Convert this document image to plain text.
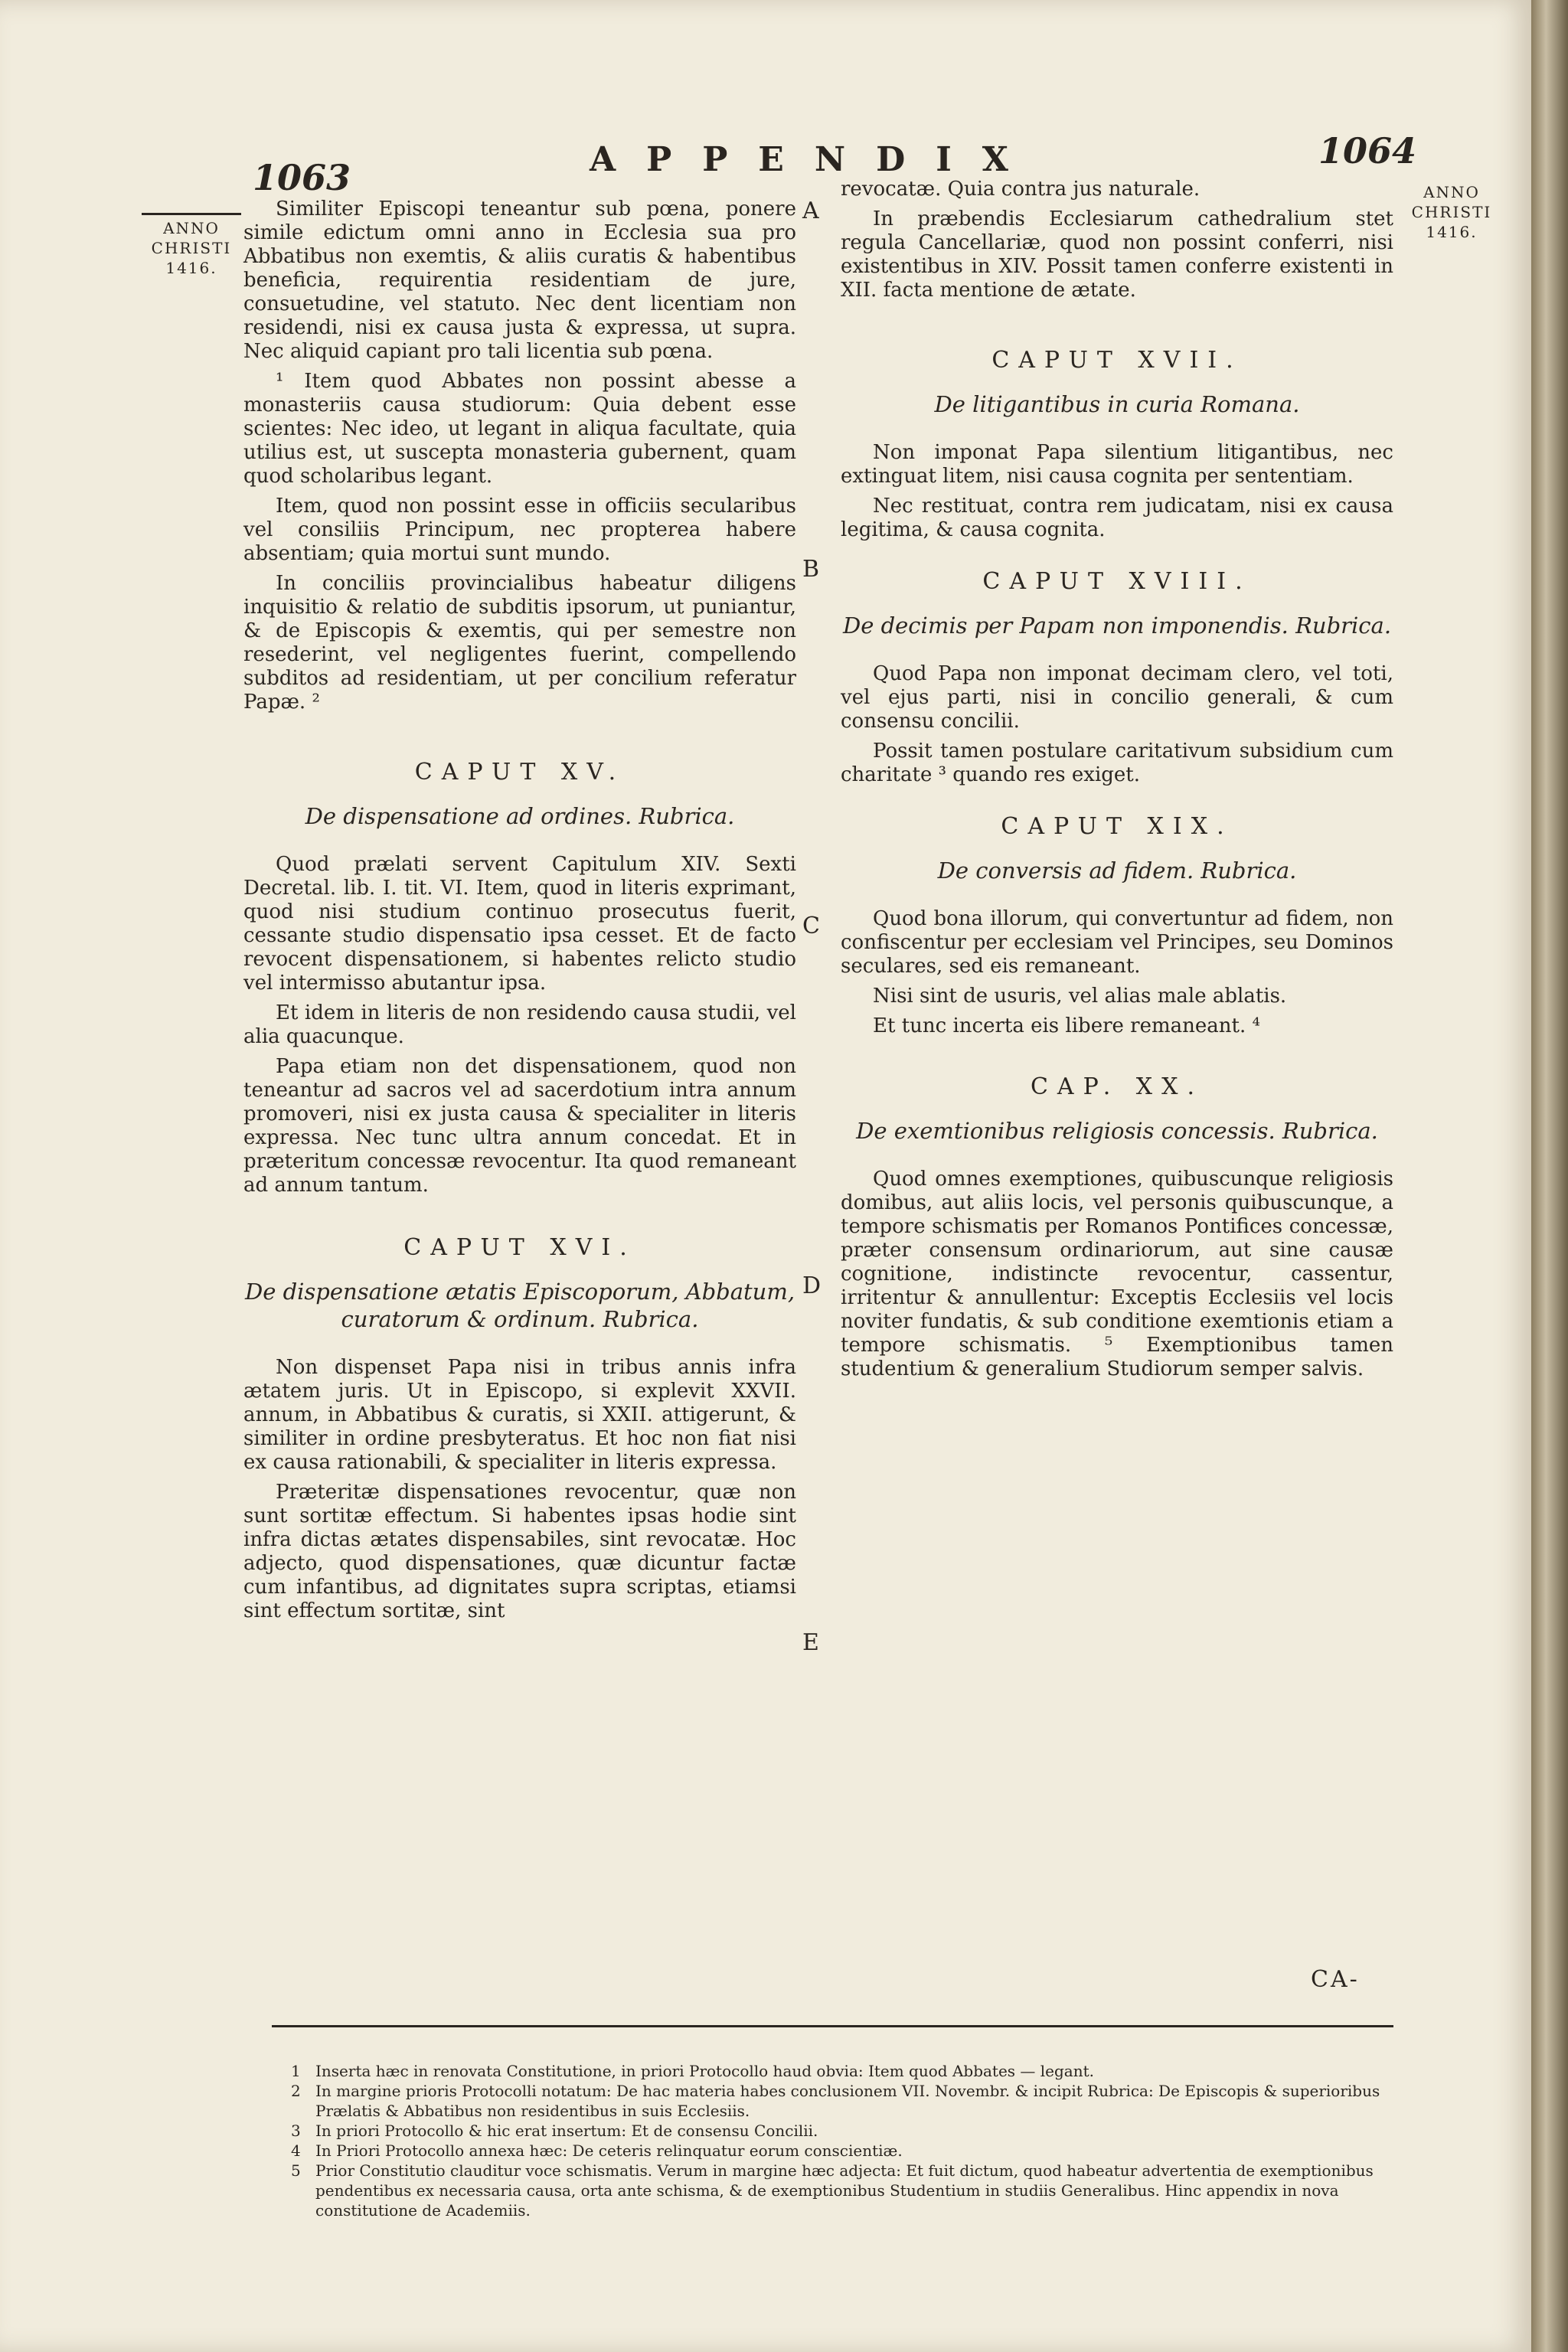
1063	APPENDIX	1064
ANNO
CHRISTI
1416.
ANNO
CHRISTI
1416.
A
B
C
D
E

Similiter Episcopi teneantur sub pœna, ponere simile edictum omni anno in Ecclesia sua pro Abbatibus non exemtis, & aliis curatis & habentibus beneficia, requirentia residentiam de jure, consuetudine, vel statuto. Nec dent licentiam non residendi, nisi ex causa justa & expressa, ut supra. Nec aliquid capiant pro tali licentia sub pœna.

¹ Item quod Abbates non possint abesse a monasteriis causa studiorum: Quia debent esse scientes: Nec ideo, ut legant in aliqua facultate, quia utilius est, ut suscepta monasteria gubernent, quam quod scholaribus legant.

Item, quod non possint esse in officiis secularibus vel consiliis Principum, nec propterea habere absentiam; quia mortui sunt mundo.

In conciliis provincialibus habeatur diligens inquisitio & relatio de subditis ipsorum, ut puniantur, & de Episcopis & exemtis, qui per semestre non resederint, vel negligentes fuerint, compellendo subditos ad residentiam, ut per concilium referatur Papæ. ²

CAPUT XV.
De dispensatione ad ordines. Rubrica.

Quod prælati servent Capitulum XIV. Sexti Decretal. lib. I. tit. VI. Item, quod in literis exprimant, quod nisi studium continuo prosecutus fuerit, cessante studio dispensatio ipsa cesset. Et de facto revocent dispensationem, si habentes relicto studio vel intermisso abutantur ipsa.

Et idem in literis de non residendo causa studii, vel alia quacunque.

Papa etiam non det dispensationem, quod non teneantur ad sacros vel ad sacerdotium intra annum promoveri, nisi ex justa causa & specialiter in literis expressa. Nec tunc ultra annum concedat. Et in præteritum concessæ revocentur. Ita quod remaneant ad annum tantum.

CAPUT XVI.
De dispensatione ætatis Episcoporum, Abbatum, curatorum & ordinum. Rubrica.

Non dispenset Papa nisi in tribus annis infra ætatem juris. Ut in Episcopo, si explevit XXVII. annum, in Abbatibus & curatis, si XXII. attigerunt, & similiter in ordine presbyteratus. Et hoc non fiat nisi ex causa rationabili, & specialiter in literis expressa.

Præteritæ dispensationes revocentur, quæ non sunt sortitæ effectum. Si habentes ipsas hodie sint infra dictas ætates dispensabiles, sint revocatæ. Hoc adjecto, quod dispensationes, quæ dicuntur factæ cum infantibus, ad dignitates supra scriptas, etiamsi sint effectum sortitæ, sint

revocatæ. Quia contra jus naturale.

In præbendis Ecclesiarum cathedralium stet regula Cancellariæ, quod non possint conferri, nisi existentibus in XIV. Possit tamen conferre existenti in XII. facta mentione de ætate.

CAPUT XVII.
De litigantibus in curia Romana.

Non imponat Papa silentium litigantibus, nec extinguat litem, nisi causa cognita per sententiam.

Nec restituat, contra rem judicatam, nisi ex causa legitima, & causa cognita.

CAPUT XVIII.
De decimis per Papam non imponendis. Rubrica.

Quod Papa non imponat decimam clero, vel toti, vel ejus parti, nisi in concilio generali, & cum consensu concilii.

Possit tamen postulare caritativum subsidium cum charitate ³ quando res exiget.

CAPUT XIX.
De conversis ad fidem. Rubrica.

Quod bona illorum, qui convertuntur ad fidem, non confiscentur per ecclesiam vel Principes, seu Dominos seculares, sed eis remaneant.

Nisi sint de usuris, vel alias male ablatis.

Et tunc incerta eis libere remaneant. ⁴

CAP. XX.
De exemtionibus religiosis concessis. Rubrica.

Quod omnes exemptiones, quibuscunque religiosis domibus, aut aliis locis, vel personis quibuscunque, a tempore schismatis per Romanos Pontifices concessæ, præter consensum ordinariorum, aut sine causæ cognitione, indistincte revocentur, cassentur, irritentur & annullentur: Exceptis Ecclesiis vel locis noviter fundatis, & sub conditione exemtionis etiam a tempore schismatis. ⁵ Exemptionibus tamen studentium & generalium Studiorum semper salvis.

CA-
1 Inserta hæc in renovata Constitutione, in priori Protocollo haud obvia: Item quod Abbates — legant.
2 In margine prioris Protocolli notatum: De hac materia habes conclusionem VII. Novembr. & incipit Rubrica: De Episcopis & superioribus Prælatis & Abbatibus non residentibus in suis Ecclesiis.
3 In priori Protocollo & hic erat insertum: Et de consensu Concilii.
4 In Priori Protocollo annexa hæc: De ceteris relinquatur eorum conscientiæ.
5 Prior Constitutio clauditur voce schismatis. Verum in margine hæc adjecta: Et fuit dictum, quod habeatur advertentia de exemptionibus pendentibus ex necessaria causa, orta ante schisma, & de exemptionibus Studentium in studiis Generalibus. Hinc appendix in nova constitutione de Academiis.
